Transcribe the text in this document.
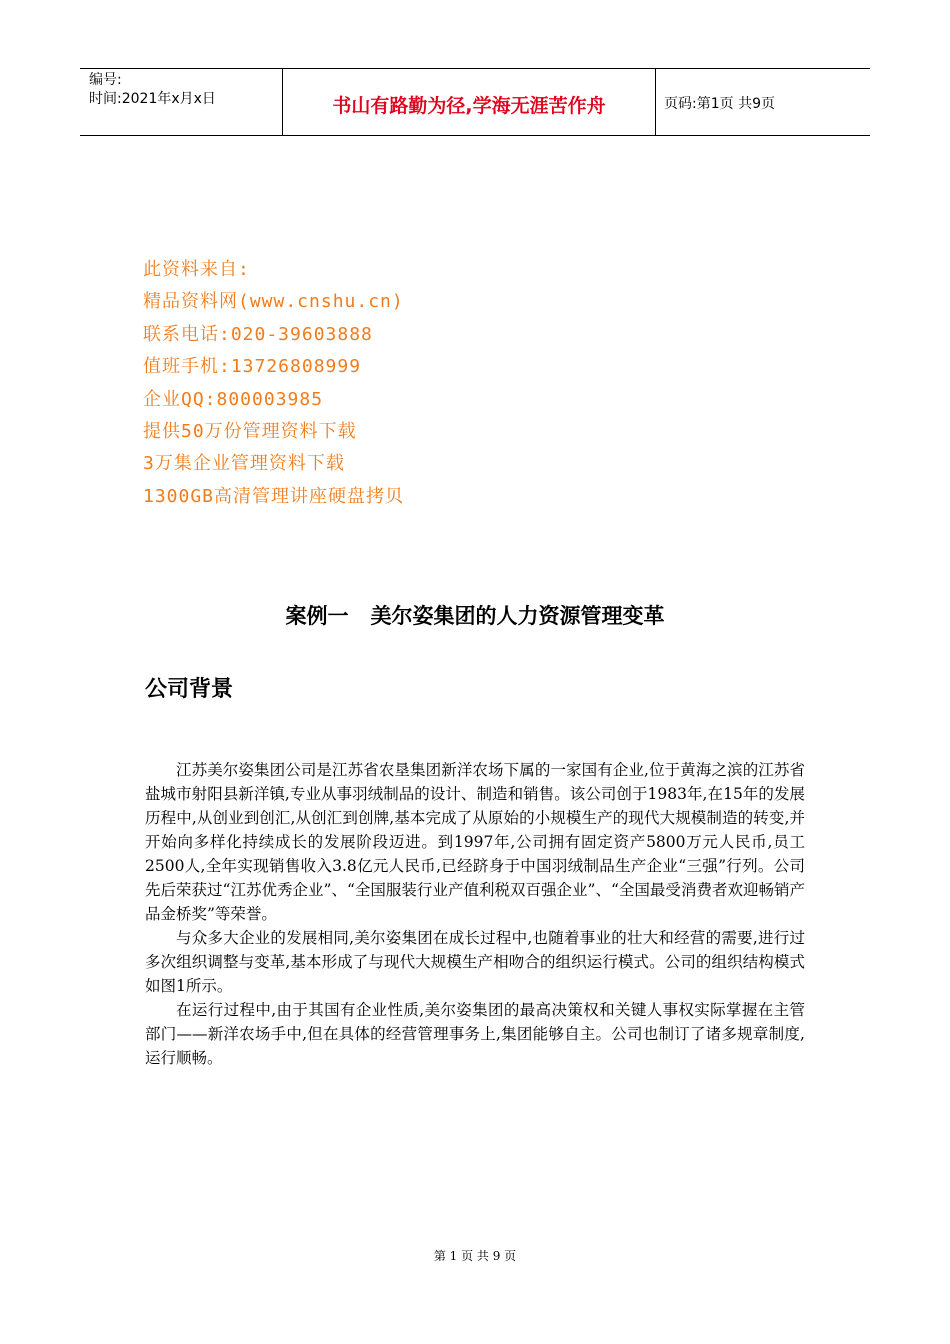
编号:
时间:2021年x月x日	书山有路勤为径,学海无涯苦作舟	页码:第1页 共9页
此资料来自:
精品资料网(www.cnshu.cn)
联系电话:020-39603888
值班手机:13726808999
企业QQ:800003985
提供50万份管理资料下载
3万集企业管理资料下载
1300GB高清管理讲座硬盘拷贝
案例一   美尔姿集团的人力资源管理变革
公司背景

江苏美尔姿集团公司是江苏省农垦集团新洋农场下属的一家国有企业,位于黄海之滨的江苏省盐城市射阳县新洋镇,专业从事羽绒制品的设计、制造和销售。该公司创于1983年,在15年的发展历程中,从创业到创汇,从创汇到创牌,基本完成了从原始的小规模生产的现代大规模制造的转变,并开始向多样化持续成长的发展阶段迈进。到1997年,公司拥有固定资产5800万元人民币,员工2500人,全年实现销售收入3.8亿元人民币,已经跻身于中国羽绒制品生产企业“三强”行列。公司先后荣获过“江苏优秀企业”、“全国服装行业产值利税双百强企业”、“全国最受消费者欢迎畅销产品金桥奖”等荣誉。

与众多大企业的发展相同,美尔姿集团在成长过程中,也随着事业的壮大和经营的需要,进行过多次组织调整与变革,基本形成了与现代大规模生产相吻合的组织运行模式。公司的组织结构模式如图1所示。

在运行过程中,由于其国有企业性质,美尔姿集团的最高决策权和关键人事权实际掌握在主管部门——新洋农场手中,但在具体的经营管理事务上,集团能够自主。公司也制订了诸多规章制度,运行顺畅。

第 1 页 共 9 页
